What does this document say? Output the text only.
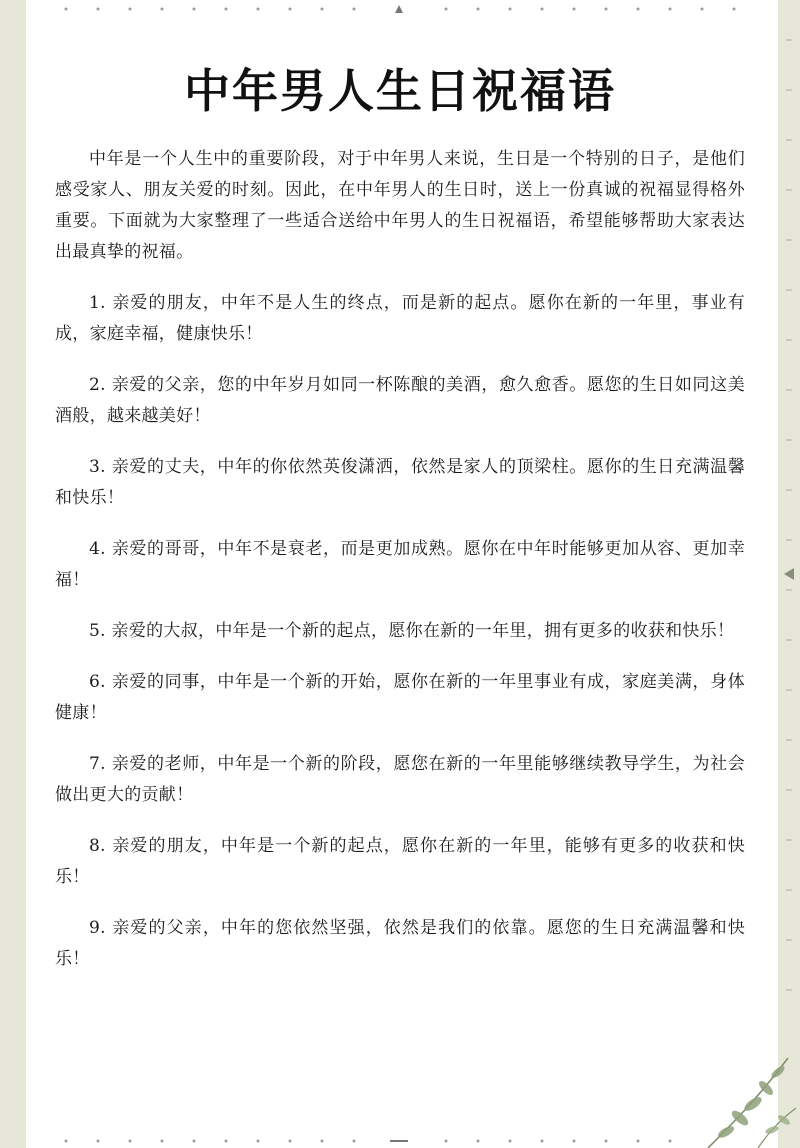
中年男人生日祝福语

中年是一个人生中的重要阶段，对于中年男人来说，生日是一个特别的日子，是他们感受家人、朋友关爱的时刻。因此，在中年男人的生日时，送上一份真诚的祝福显得格外重要。下面就为大家整理了一些适合送给中年男人的生日祝福语，希望能够帮助大家表达出最真挚的祝福。

1. 亲爱的朋友，中年不是人生的终点，而是新的起点。愿你在新的一年里，事业有成，家庭幸福，健康快乐！

2. 亲爱的父亲，您的中年岁月如同一杯陈酿的美酒，愈久愈香。愿您的生日如同这美酒般，越来越美好！

3. 亲爱的丈夫，中年的你依然英俊潇洒，依然是家人的顶梁柱。愿你的生日充满温馨和快乐！

4. 亲爱的哥哥，中年不是衰老，而是更加成熟。愿你在中年时能够更加从容、更加幸福！

5. 亲爱的大叔，中年是一个新的起点，愿你在新的一年里，拥有更多的收获和快乐！

6. 亲爱的同事，中年是一个新的开始，愿你在新的一年里事业有成，家庭美满，身体健康！

7. 亲爱的老师，中年是一个新的阶段，愿您在新的一年里能够继续教导学生，为社会做出更大的贡献！

8. 亲爱的朋友，中年是一个新的起点，愿你在新的一年里，能够有更多的收获和快乐！

9. 亲爱的父亲，中年的您依然坚强，依然是我们的依靠。愿您的生日充满温馨和快乐！
